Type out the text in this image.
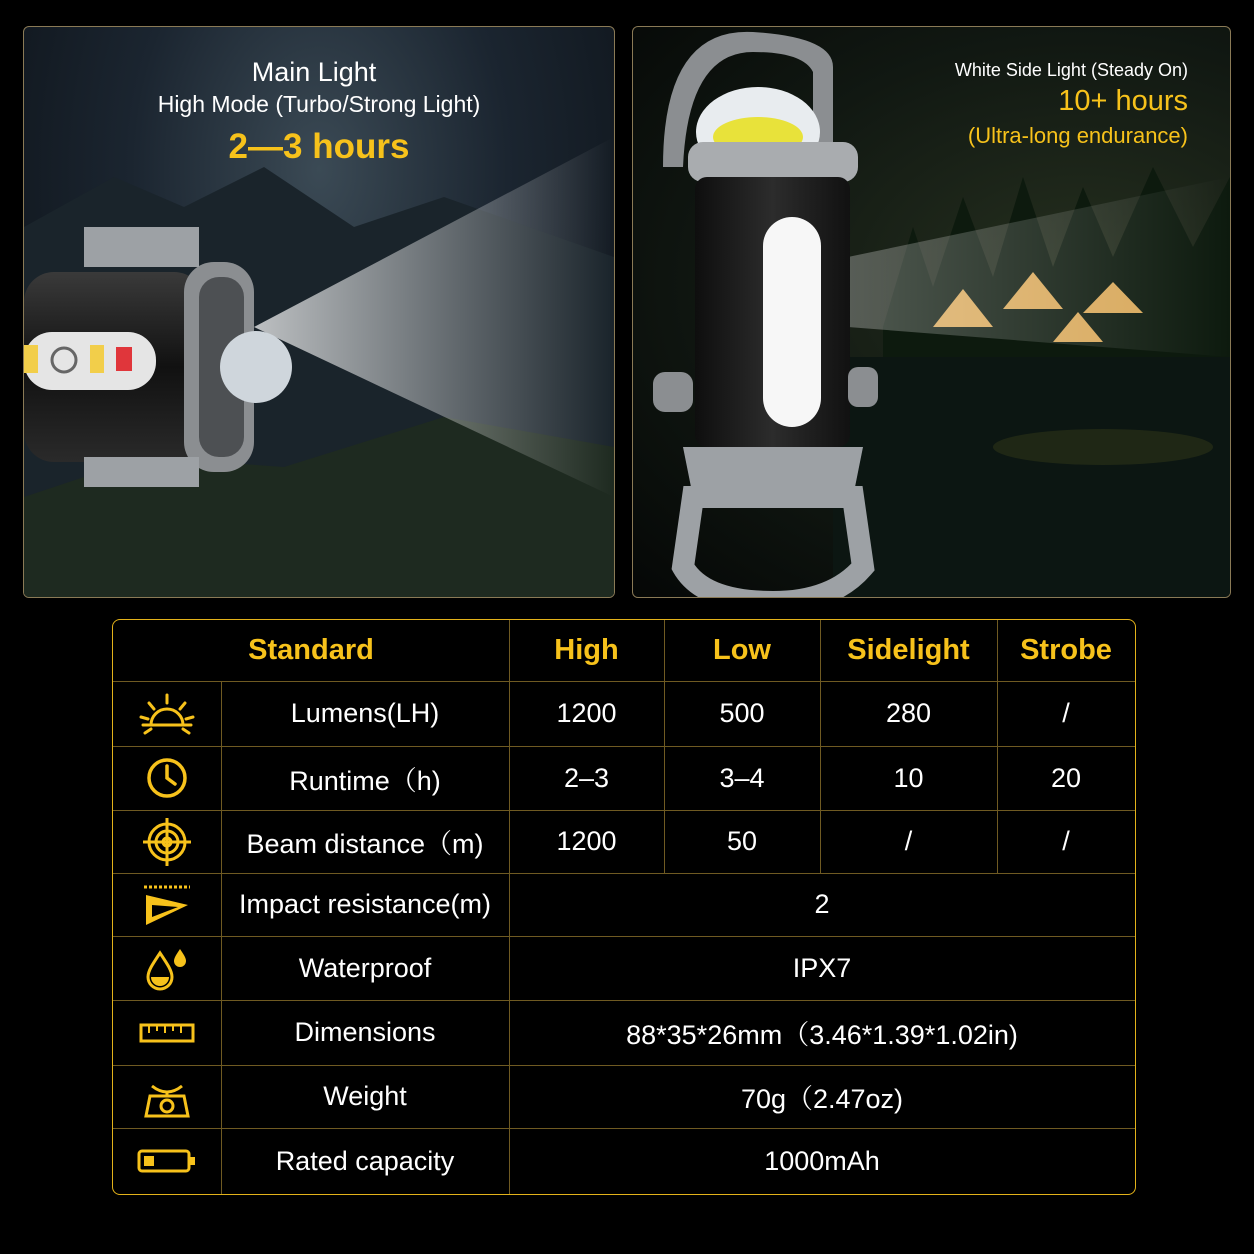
Main Light
High Mode (Turbo/Strong Light)
2—3 hours
White Side Light (Steady On)
10+ hours
(Ultra-long endurance)
Standard	High	Low	Sidelight	Strobe
Lumens(LH)	1200	500	280	/
Runtime（h)	2–3	3–4	10	20
Beam distance（m)	1200	50	/	/
Impact resistance(m)	2
Waterproof	IPX7
Dimensions	88*35*26mm（3.46*1.39*1.02in)
Weight	70g（2.47oz)
Rated capacity	1000mAh
